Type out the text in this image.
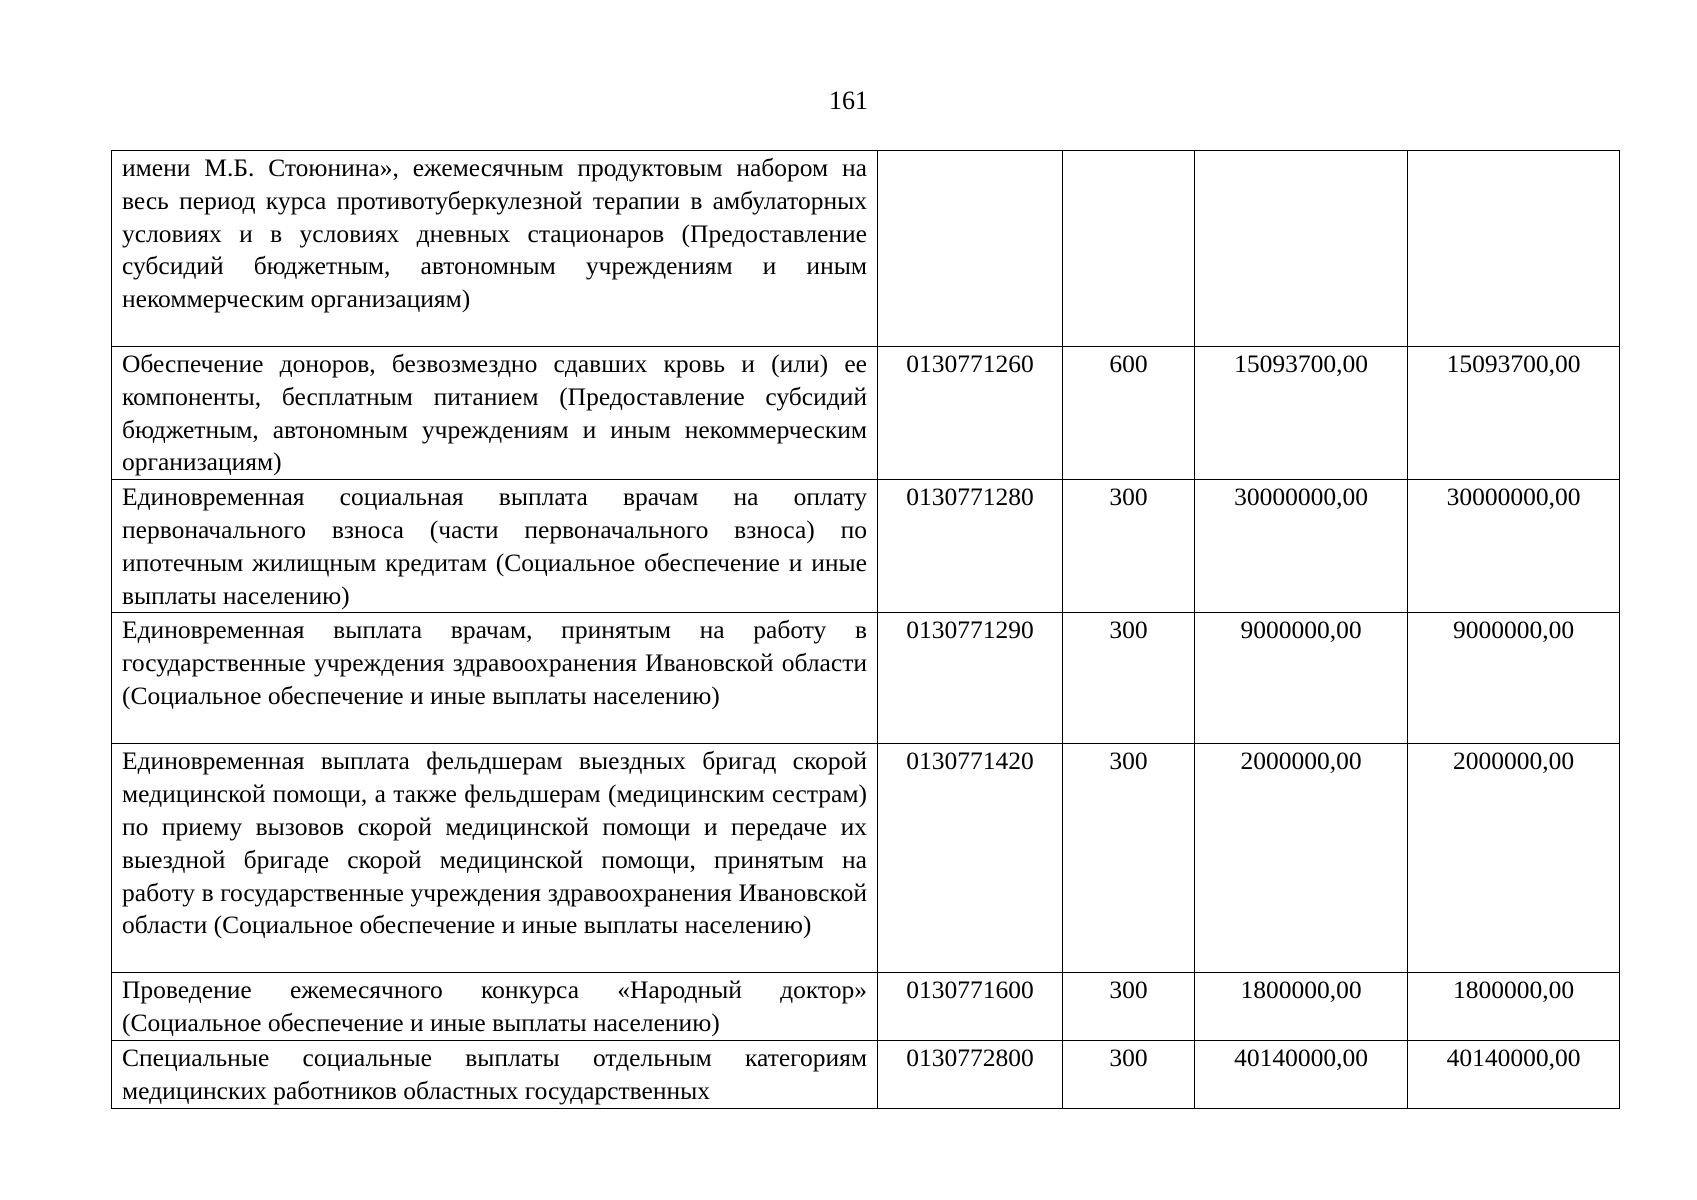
161
имени М.Б. Стоюнина», ежемесячным продуктовым набором на весь период курса противотуберкулезной терапии в амбулаторных условиях и в условиях дневных стационаров (Предоставление субсидий бюджетным, автономным учреждениям и иным некоммерческим организациям)				
Обеспечение доноров, безвозмездно сдавших кровь и (или) ее компоненты, бесплатным питанием (Предоставление субсидий бюджетным, автономным учреждениям и иным некоммерческим организациям)	0130771260	600	15093700,00	15093700,00
Единовременная социальная выплата врачам на оплату первоначального взноса (части первоначального взноса) по ипотечным жилищным кредитам (Социальное обеспечение и иные выплаты населению)	0130771280	300	30000000,00	30000000,00
Единовременная выплата врачам, принятым на работу в государственные учреждения здравоохранения Ивановской области (Социальное обеспечение и иные выплаты населению)	0130771290	300	9000000,00	9000000,00
Единовременная выплата фельдшерам выездных бригад скорой медицинской помощи, а также фельдшерам (медицинским сестрам) по приему вызовов скорой медицинской помощи и передаче их выездной бригаде скорой медицинской помощи, принятым на работу в государственные учреждения здравоохранения Ивановской области (Социальное обеспечение и иные выплаты населению)	0130771420	300	2000000,00	2000000,00
Проведение ежемесячного конкурса «Народный доктор» (Социальное обеспечение и иные выплаты населению)	0130771600	300	1800000,00	1800000,00
Специальные социальные выплаты отдельным категориям медицинских работников областных государственных	0130772800	300	40140000,00	40140000,00
